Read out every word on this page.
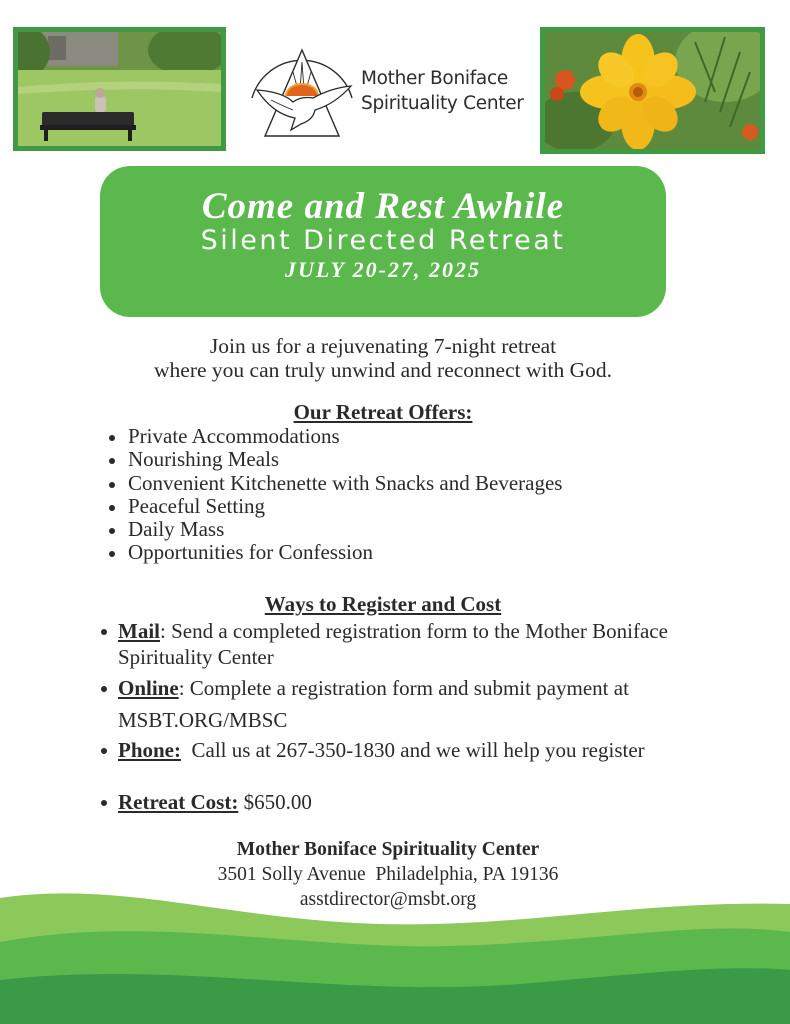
Mother Boniface
Spirituality Center
Come and Rest Awhile
Silent Directed Retreat
JULY 20-27, 2025
Join us for a rejuvenating 7-night retreat
where you can truly unwind and reconnect with God.
Our Retreat Offers:
Private Accommodations
Nourishing Meals
Convenient Kitchenette with Snacks and Beverages
Peaceful Setting
Daily Mass
Opportunities for Confession
Ways to Register and Cost
Mail: Send a completed registration form to the Mother Boniface Spirituality Center
Online: Complete a registration form and submit payment at
MSBT.ORG/MBSC
Phone:  Call us at 267-350-1830 and we will help you register
Retreat Cost: $650.00
Mother Boniface Spirituality Center
3501 Solly Avenue  Philadelphia, PA 19136
asstdirector@msbt.org
